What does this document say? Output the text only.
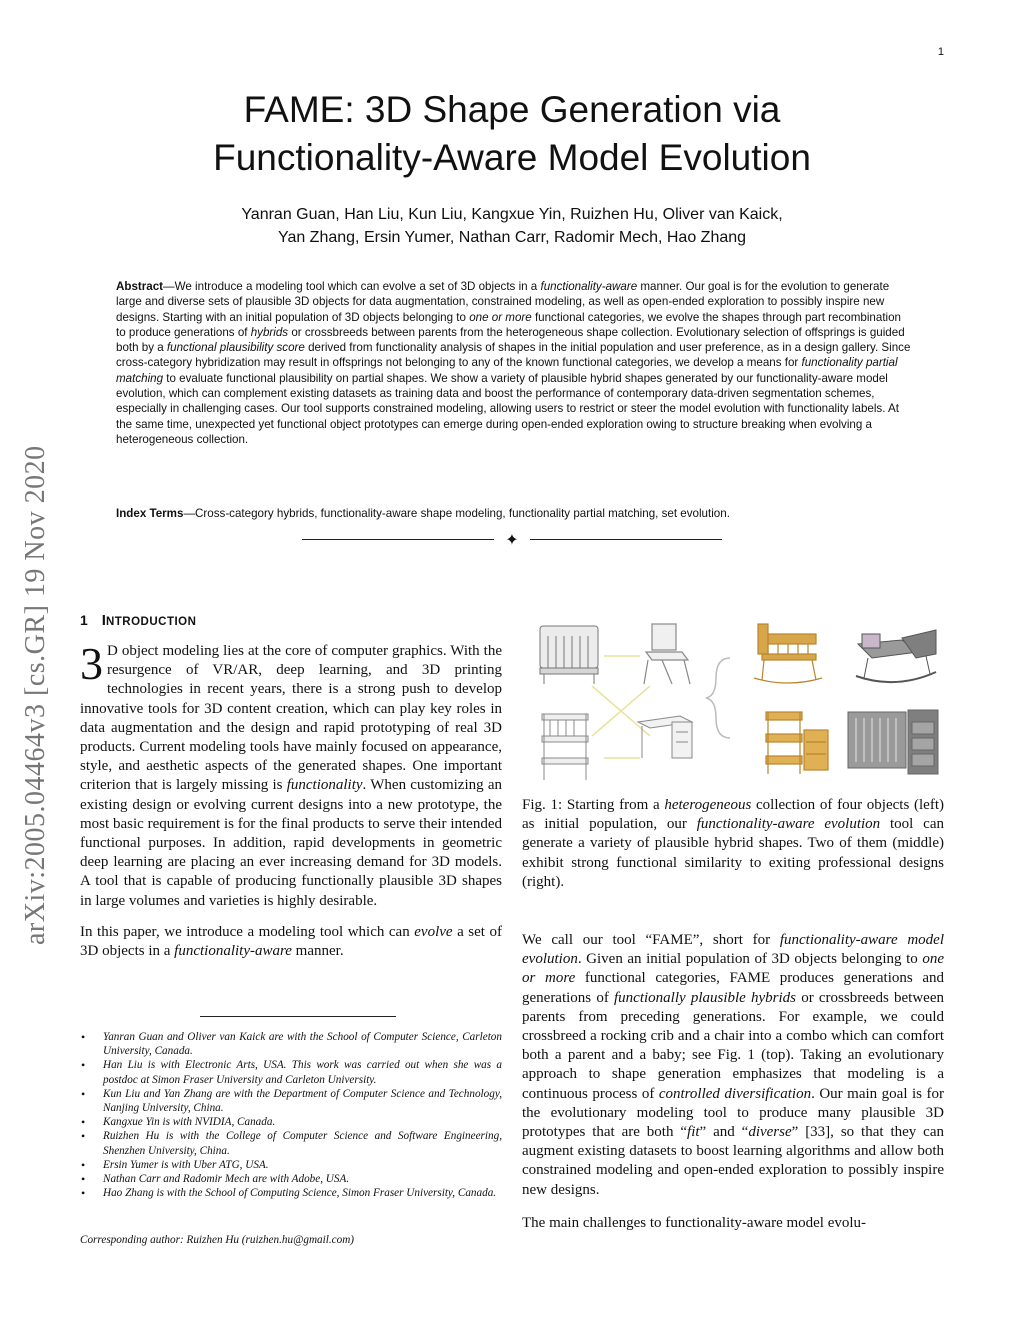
1
arXiv:2005.04464v3 [cs.GR] 19 Nov 2020
FAME: 3D Shape Generation via
Functionality-Aware Model Evolution
Yanran Guan, Han Liu, Kun Liu, Kangxue Yin, Ruizhen Hu, Oliver van Kaick,
Yan Zhang, Ersin Yumer, Nathan Carr, Radomir Mech, Hao Zhang

Abstract—We introduce a modeling tool which can evolve a set of 3D objects in a functionality-aware manner. Our goal is for the evolution to generate large and diverse sets of plausible 3D objects for data augmentation, constrained modeling, as well as open-ended exploration to possibly inspire new designs. Starting with an initial population of 3D objects belonging to one or more functional categories, we evolve the shapes through part recombination to produce generations of hybrids or crossbreeds between parents from the heterogeneous shape collection. Evolutionary selection of offsprings is guided both by a functional plausibility score derived from functionality analysis of shapes in the initial population and user preference, as in a design gallery. Since cross-category hybridization may result in offsprings not belonging to any of the known functional categories, we develop a means for functionality partial matching to evaluate functional plausibility on partial shapes. We show a variety of plausible hybrid shapes generated by our functionality-aware model evolution, which can complement existing datasets as training data and boost the performance of contemporary data-driven segmentation schemes, especially in challenging cases. Our tool supports constrained modeling, allowing users to restrict or steer the model evolution with functionality labels. At the same time, unexpected yet functional object prototypes can emerge during open-ended exploration owing to structure breaking when evolving a heterogeneous collection.

Index Terms—Cross-category hybrids, functionality-aware shape modeling, functionality partial matching, set evolution.
✦
1 INTRODUCTION

3 D object modeling lies at the core of computer graphics. With the resurgence of VR/AR, deep learning, and 3D printing technologies in recent years, there is a strong push to develop innovative tools for 3D content creation, which can play key roles in data augmentation and the design and rapid prototyping of real 3D products. Current modeling tools have mainly focused on appearance, style, and aesthetic aspects of the generated shapes. One important criterion that is largely missing is functionality. When customizing an existing design or evolving current designs into a new prototype, the most basic requirement is for the final products to serve their intended functional purposes. In addition, rapid developments in geometric deep learning are placing an ever increasing demand for 3D models. A tool that is capable of producing functionally plausible 3D shapes in large volumes and varieties is highly desirable.

In this paper, we introduce a modeling tool which can evolve a set of 3D objects in a functionality-aware manner.

• Yanran Guan and Oliver van Kaick are with the School of Computer Science, Carleton University, Canada.
• Han Liu is with Electronic Arts, USA. This work was carried out when she was a postdoc at Simon Fraser University and Carleton University.
• Kun Liu and Yan Zhang are with the Department of Computer Science and Technology, Nanjing University, China.
• Kangxue Yin is with NVIDIA, Canada.
• Ruizhen Hu is with the College of Computer Science and Software Engineering, Shenzhen University, China.
• Ersin Yumer is with Uber ATG, USA.
• Nathan Carr and Radomir Mech are with Adobe, USA.
• Hao Zhang is with the School of Computing Science, Simon Fraser University, Canada.
Corresponding author: Ruizhen Hu (ruizhen.hu@gmail.com)

Fig. 1: Starting from a heterogeneous collection of four objects (left) as initial population, our functionality-aware evolution tool can generate a variety of plausible hybrid shapes. Two of them (middle) exhibit strong functional similarity to exiting professional designs (right).

We call our tool “FAME”, short for functionality-aware model evolution. Given an initial population of 3D objects belonging to one or more functional categories, FAME produces generations and generations of functionally plausible hybrids or crossbreeds between parents from preceding generations. For example, we could crossbreed a rocking crib and a chair into a combo which can comfort both a parent and a baby; see Fig. 1 (top). Taking an evolutionary approach to shape generation emphasizes that modeling is a continuous process of controlled diversification. Our main goal is for the evolutionary modeling tool to produce many plausible 3D prototypes that are both “fit” and “diverse” [33], so that they can augment existing datasets to boost learning algorithms and allow both constrained modeling and open-ended exploration to possibly inspire new designs.

The main challenges to functionality-aware model evolu-
